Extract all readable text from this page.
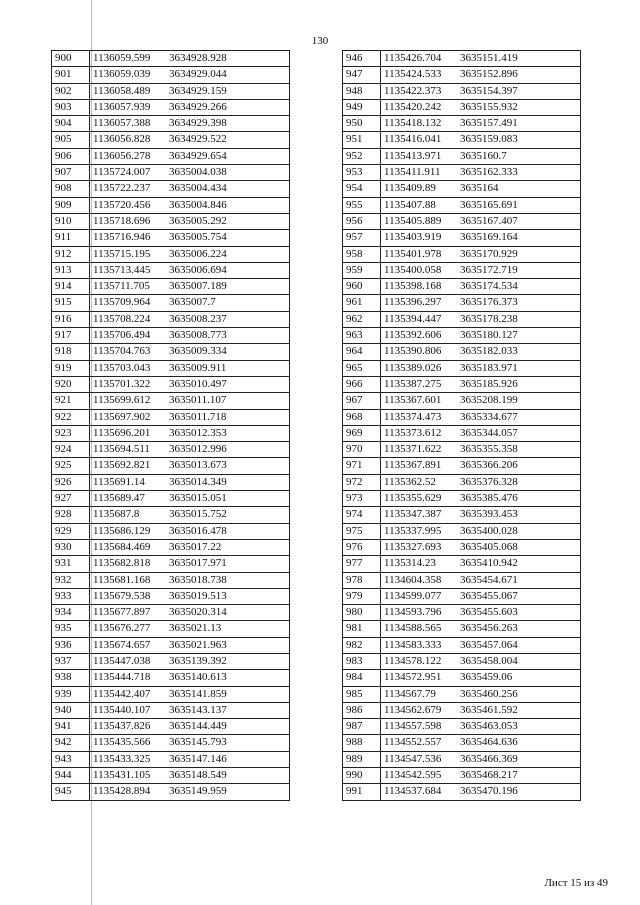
130
900	1136059.599 3634928.928
901	1136059.039 3634929.044
902	1136058.489 3634929.159
903	1136057.939 3634929.266
904	1136057.388 3634929.398
905	1136056.828 3634929.522
906	1136056.278 3634929.654
907	1135724.007 3635004.038
908	1135722.237 3635004.434
909	1135720.456 3635004.846
910	1135718.696 3635005.292
911	1135716.946 3635005.754
912	1135715.195 3635006.224
913	1135713.445 3635006.694
914	1135711.705 3635007.189
915	1135709.964 3635007.7
916	1135708.224 3635008.237
917	1135706.494 3635008.773
918	1135704.763 3635009.334
919	1135703.043 3635009.911
920	1135701.322 3635010.497
921	1135699.612 3635011.107
922	1135697.902 3635011.718
923	1135696.201 3635012.353
924	1135694.511 3635012.996
925	1135692.821 3635013.673
926	1135691.14 3635014.349
927	1135689.47 3635015.051
928	1135687.8 3635015.752
929	1135686.129 3635016.478
930	1135684.469 3635017.22
931	1135682.818 3635017.971
932	1135681.168 3635018.738
933	1135679.538 3635019.513
934	1135677.897 3635020.314
935	1135676.277 3635021.13
936	1135674.657 3635021.963
937	1135447.038 3635139.392
938	1135444.718 3635140.613
939	1135442.407 3635141.859
940	1135440.107 3635143.137
941	1135437.826 3635144.449
942	1135435.566 3635145.793
943	1135433.325 3635147.146
944	1135431.105 3635148.549
945	1135428.894 3635149.959
946	1135426.704 3635151.419
947	1135424.533 3635152.896
948	1135422.373 3635154.397
949	1135420.242 3635155.932
950	1135418.132 3635157.491
951	1135416.041 3635159.083
952	1135413.971 3635160.7
953	1135411.911 3635162.333
954	1135409.89 3635164
955	1135407.88 3635165.691
956	1135405.889 3635167.407
957	1135403.919 3635169.164
958	1135401.978 3635170.929
959	1135400.058 3635172.719
960	1135398.168 3635174.534
961	1135396.297 3635176.373
962	1135394.447 3635178.238
963	1135392.606 3635180.127
964	1135390.806 3635182.033
965	1135389.026 3635183.971
966	1135387.275 3635185.926
967	1135367.601 3635208.199
968	1135374.473 3635334.677
969	1135373.612 3635344.057
970	1135371.622 3635355.358
971	1135367.891 3635366.206
972	1135362.52 3635376.328
973	1135355.629 3635385.476
974	1135347.387 3635393.453
975	1135337.995 3635400.028
976	1135327.693 3635405.068
977	1135314.23 3635410.942
978	1134604.358 3635454.671
979	1134599.077 3635455.067
980	1134593.796 3635455.603
981	1134588.565 3635456.263
982	1134583.333 3635457.064
983	1134578.122 3635458.004
984	1134572.951 3635459.06
985	1134567.79 3635460.256
986	1134562.679 3635461.592
987	1134557.598 3635463.053
988	1134552.557 3635464.636
989	1134547.536 3635466.369
990	1134542.595 3635468.217
991	1134537.684 3635470.196
Лист 15 из 49
